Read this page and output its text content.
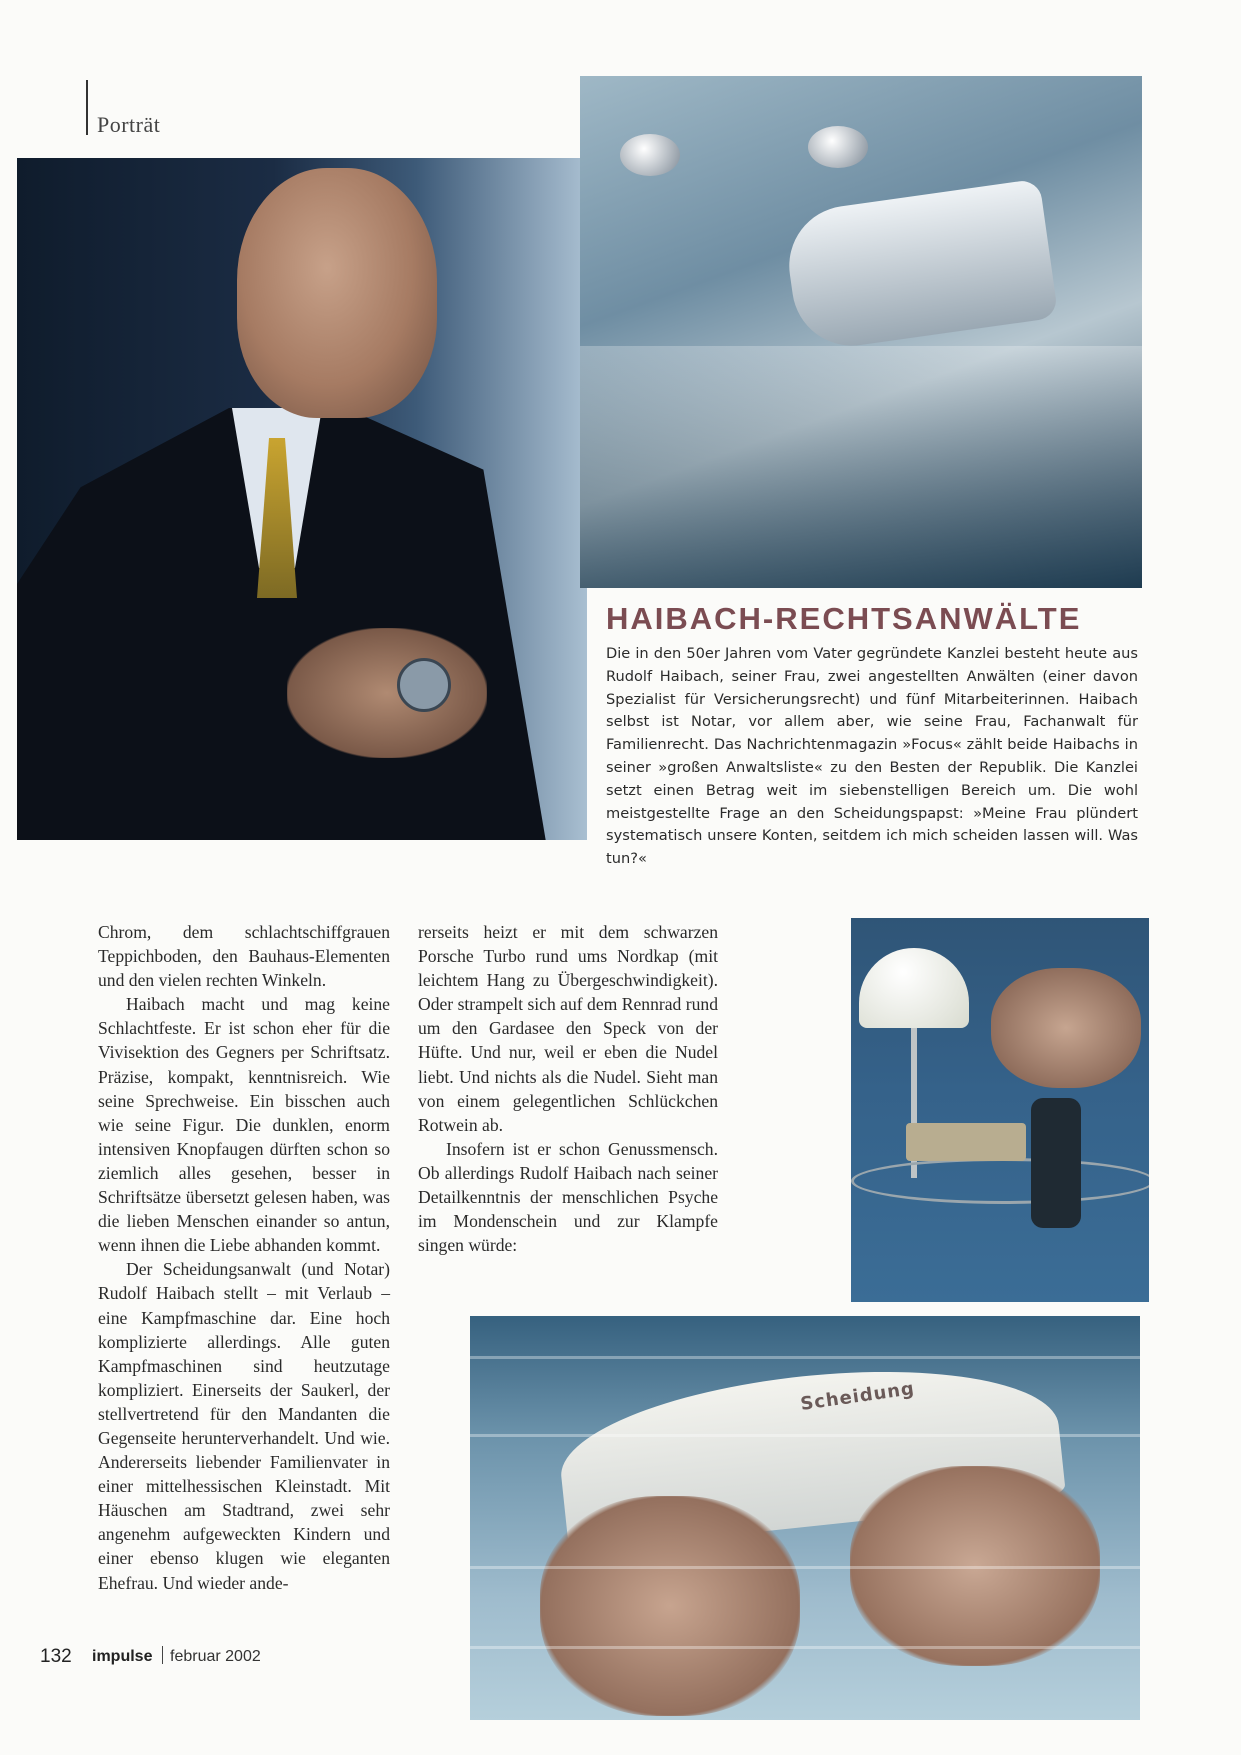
Porträt
HAIBACH-RECHTSANWÄLTE
Die in den 50er Jahren vom Vater gegründete Kanzlei besteht heute aus Rudolf Haibach, seiner Frau, zwei angestellten Anwälten (einer davon Spezialist für Versicherungsrecht) und fünf Mitarbeiterinnen. Haibach selbst ist Notar, vor allem aber, wie seine Frau, Fachanwalt für Familienrecht. Das Nachrichtenmagazin »Focus« zählt beide Haibachs in seiner »großen Anwaltsliste« zu den Besten der Republik. Die Kanzlei setzt einen Betrag weit im siebenstelligen Bereich um. Die wohl meistgestellte Frage an den Scheidungspapst: »Meine Frau plündert systematisch unsere Konten, seitdem ich mich scheiden lassen will. Was tun?«

Chrom, dem schlachtschiffgrauen Teppichboden, den Bauhaus-Elementen und den vielen rechten Winkeln.

Haibach macht und mag keine Schlachtfeste. Er ist schon eher für die Vivisektion des Gegners per Schriftsatz. Präzise, kompakt, kenntnisreich. Wie seine Sprechweise. Ein bisschen auch wie seine Figur. Die dunklen, enorm intensiven Knopfaugen dürften schon so ziemlich alles gesehen, besser in Schriftsätze übersetzt gelesen haben, was die lieben Menschen einander so antun, wenn ihnen die Liebe abhanden kommt.

Der Scheidungsanwalt (und Notar) Rudolf Haibach stellt – mit Verlaub – eine Kampfmaschine dar. Eine hoch komplizierte allerdings. Alle guten Kampfmaschinen sind heutzutage kompliziert. Einerseits der Saukerl, der stellvertretend für den Mandanten die Gegenseite herunterverhandelt. Und wie. Andererseits liebender Familienvater in einer mittelhessischen Kleinstadt. Mit Häuschen am Stadtrand, zwei sehr angenehm aufgeweckten Kindern und einer ebenso klugen wie eleganten Ehefrau. Und wieder ande-

rerseits heizt er mit dem schwarzen Porsche Turbo rund ums Nordkap (mit leichtem Hang zu Übergeschwindigkeit). Oder strampelt sich auf dem Rennrad rund um den Gardasee den Speck von der Hüfte. Und nur, weil er eben die Nudel liebt. Und nichts als die Nudel. Sieht man von einem gelegentlichen Schlückchen Rotwein ab.

Insofern ist er schon Genussmensch. Ob allerdings Rudolf Haibach nach seiner Detailkenntnis der menschlichen Psyche im Mondenschein und zur Klampfe singen würde:

Scheidung
132 impulse februar 2002
